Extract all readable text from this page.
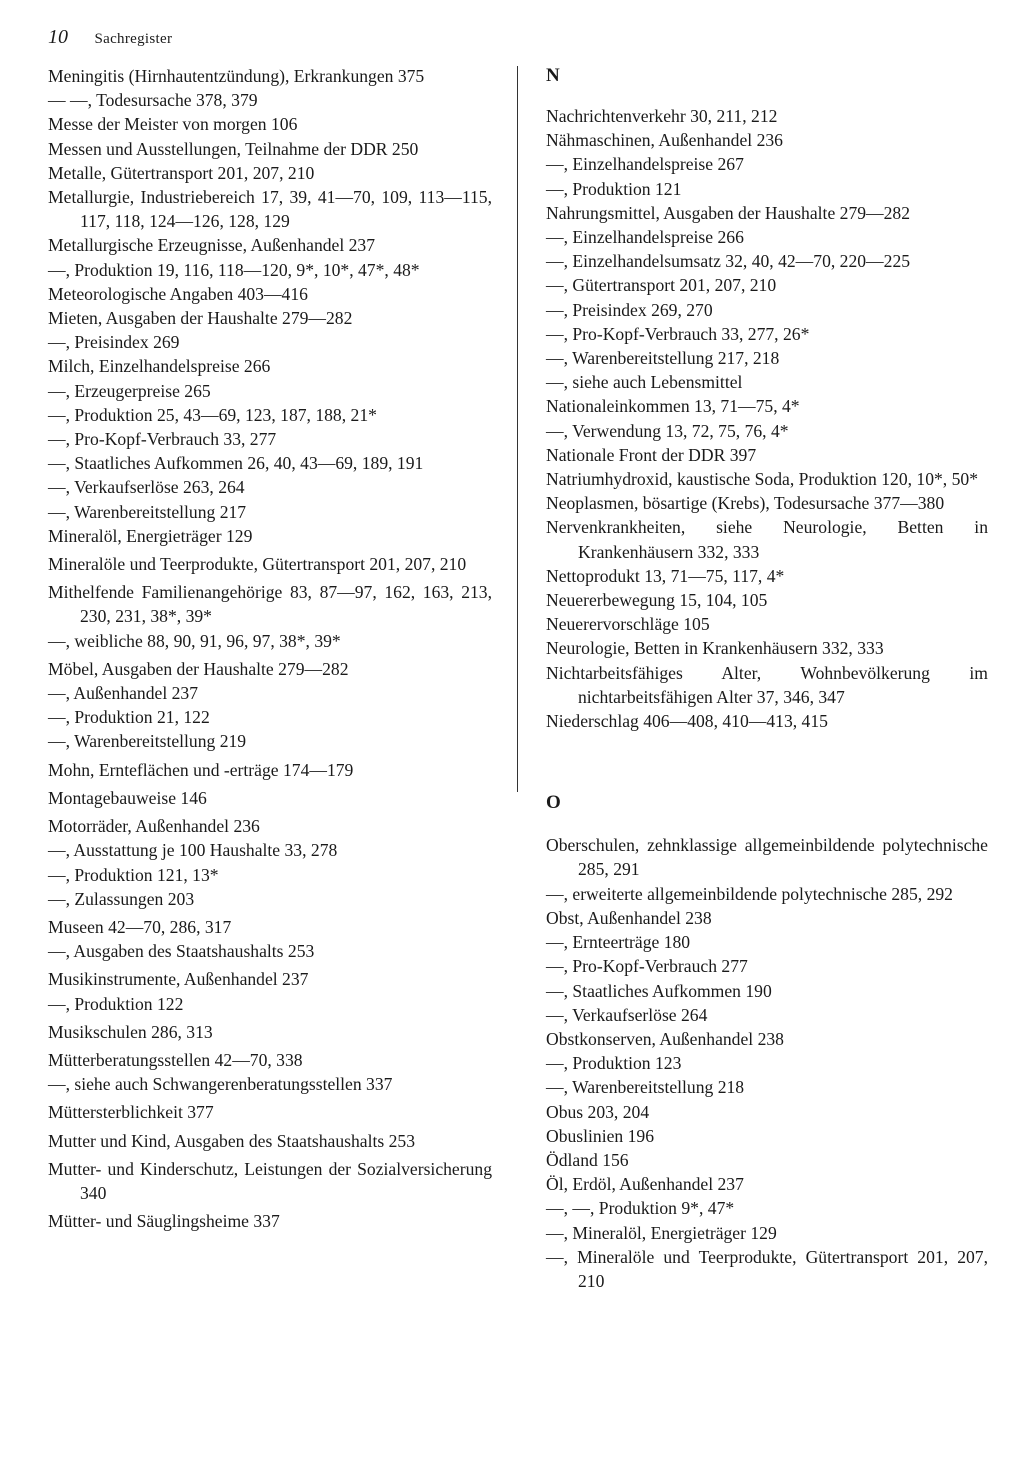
10 Sachregister
Meningitis (Hirnhautentzündung), Erkrankungen 375
— —, Todesursache 378, 379
Messe der Meister von morgen 106
Messen und Ausstellungen, Teilnahme der DDR 250
Metalle, Gütertransport 201, 207, 210
Metallurgie, Industriebereich 17, 39, 41—70, 109, 113—115, 117, 118, 124—126, 128, 129
Metallurgische Erzeugnisse, Außenhandel 237
—, Produktion 19, 116, 118—120, 9*, 10*, 47*, 48*
Meteorologische Angaben 403—416
Mieten, Ausgaben der Haushalte 279—282
—, Preisindex 269
Milch, Einzelhandelspreise 266
—, Erzeugerpreise 265
—, Produktion 25, 43—69, 123, 187, 188, 21*
—, Pro-Kopf-Verbrauch 33, 277
—, Staatliches Aufkommen 26, 40, 43—69, 189, 191
—, Verkaufserlöse 263, 264
—, Warenbereitstellung 217
Mineralöl, Energieträger 129
Mineralöle und Teerprodukte, Gütertransport 201, 207, 210
Mithelfende Familienangehörige 83, 87—97, 162, 163, 213, 230, 231, 38*, 39*
—, weibliche 88, 90, 91, 96, 97, 38*, 39*
Möbel, Ausgaben der Haushalte 279—282
—, Außenhandel 237
—, Produktion 21, 122
—, Warenbereitstellung 219
Mohn, Ernteflächen und -erträge 174—179
Montagebauweise 146
Motorräder, Außenhandel 236
—, Ausstattung je 100 Haushalte 33, 278
—, Produktion 121, 13*
—, Zulassungen 203
Museen 42—70, 286, 317
—, Ausgaben des Staatshaushalts 253
Musikinstrumente, Außenhandel 237
—, Produktion 122
Musikschulen 286, 313
Mütterberatungsstellen 42—70, 338
—, siehe auch Schwangerenberatungsstellen 337
Müttersterblichkeit 377
Mutter und Kind, Ausgaben des Staatshaushalts 253
Mutter- und Kinderschutz, Leistungen der Sozialversicherung 340
Mütter- und Säuglingsheime 337
N
Nachrichtenverkehr 30, 211, 212
Nähmaschinen, Außenhandel 236
—, Einzelhandelspreise 267
—, Produktion 121
Nahrungsmittel, Ausgaben der Haushalte 279—282
—, Einzelhandelspreise 266
—, Einzelhandelsumsatz 32, 40, 42—70, 220—225
—, Gütertransport 201, 207, 210
—, Preisindex 269, 270
—, Pro-Kopf-Verbrauch 33, 277, 26*
—, Warenbereitstellung 217, 218
—, siehe auch Lebensmittel
Nationaleinkommen 13, 71—75, 4*
—, Verwendung 13, 72, 75, 76, 4*
Nationale Front der DDR 397
Natriumhydroxid, kaustische Soda, Produktion 120, 10*, 50*
Neoplasmen, bösartige (Krebs), Todesursache 377—380
Nervenkrankheiten, siehe Neurologie, Betten in Krankenhäusern 332, 333
Nettoprodukt 13, 71—75, 117, 4*
Neuererbewegung 15, 104, 105
Neuerervorschläge 105
Neurologie, Betten in Krankenhäusern 332, 333
Nichtarbeitsfähiges Alter, Wohnbevölkerung im nichtarbeitsfähigen Alter 37, 346, 347
Niederschlag 406—408, 410—413, 415
O
Oberschulen, zehnklassige allgemeinbildende polytechnische 285, 291
—, erweiterte allgemeinbildende polytechnische 285, 292
Obst, Außenhandel 238
—, Ernteerträge 180
—, Pro-Kopf-Verbrauch 277
—, Staatliches Aufkommen 190
—, Verkaufserlöse 264
Obstkonserven, Außenhandel 238
—, Produktion 123
—, Warenbereitstellung 218
Obus 203, 204
Obuslinien 196
Ödland 156
Öl, Erdöl, Außenhandel 237
—, —, Produktion 9*, 47*
—, Mineralöl, Energieträger 129
—, Mineralöle und Teerprodukte, Gütertransport 201, 207, 210
